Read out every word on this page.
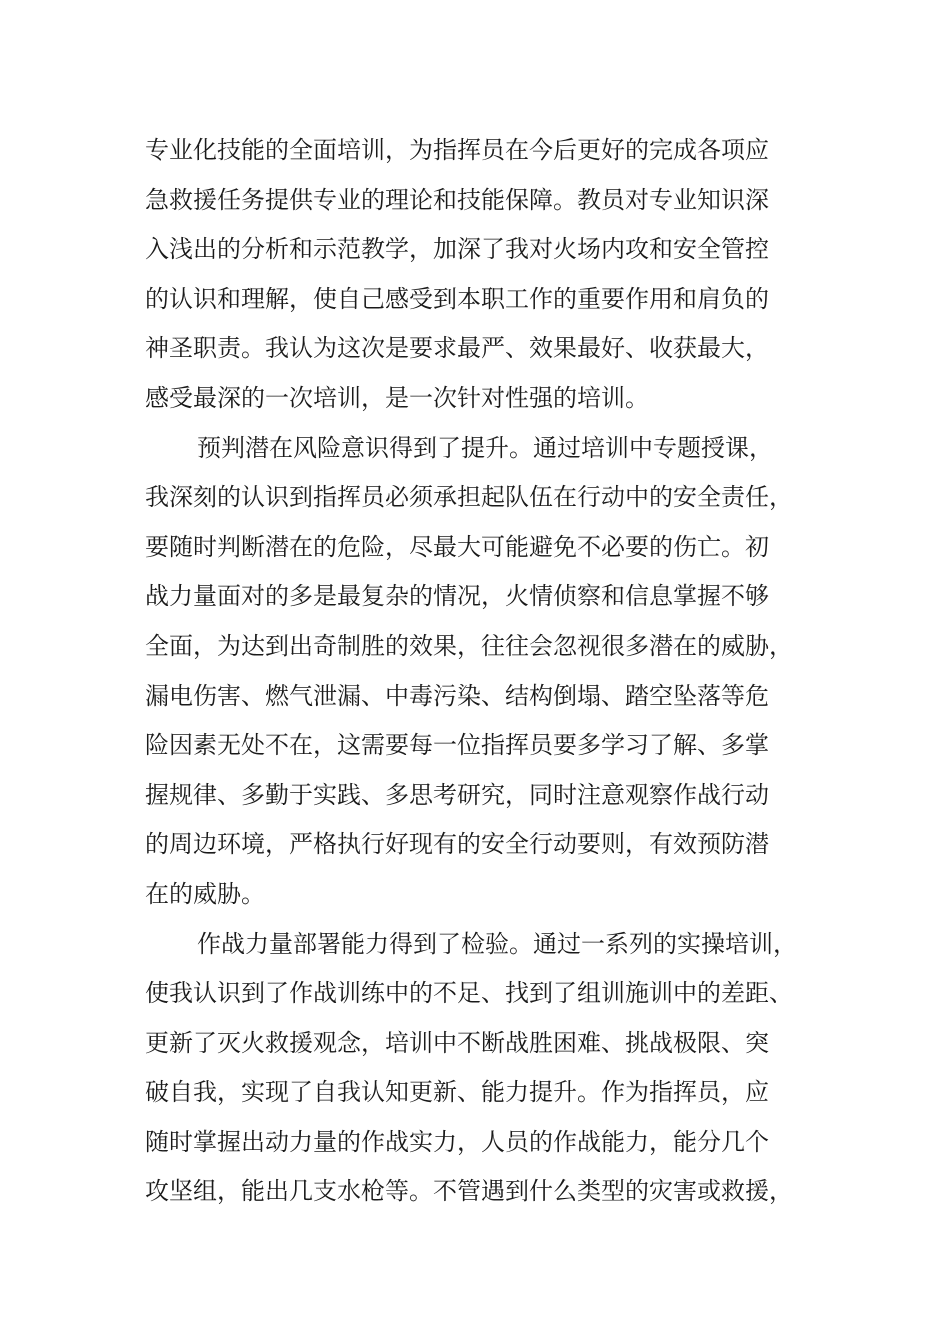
专业化技能的全面培训，为指挥员在今后更好的完成各项应
急救援任务提供专业的理论和技能保障。教员对专业知识深
入浅出的分析和示范教学，加深了我对火场内攻和安全管控
的认识和理解，使自己感受到本职工作的重要作用和肩负的
神圣职责。我认为这次是要求最严、效果最好、收获最大，
感受最深的一次培训，是一次针对性强的培训。
预判潜在风险意识得到了提升。通过培训中专题授课，
我深刻的认识到指挥员必须承担起队伍在行动中的安全责任，
要随时判断潜在的危险，尽最大可能避免不必要的伤亡。初
战力量面对的多是最复杂的情况，火情侦察和信息掌握不够
全面，为达到出奇制胜的效果，往往会忽视很多潜在的威胁，
漏电伤害、燃气泄漏、中毒污染、结构倒塌、踏空坠落等危
险因素无处不在，这需要每一位指挥员要多学习了解、多掌
握规律、多勤于实践、多思考研究，同时注意观察作战行动
的周边环境，严格执行好现有的安全行动要则，有效预防潜
在的威胁。
作战力量部署能力得到了检验。通过一系列的实操培训，
使我认识到了作战训练中的不足、找到了组训施训中的差距、
更新了灭火救援观念，培训中不断战胜困难、挑战极限、突
破自我，实现了自我认知更新、能力提升。作为指挥员，应
随时掌握出动力量的作战实力，人员的作战能力，能分几个
攻坚组，能出几支水枪等。不管遇到什么类型的灾害或救援，
